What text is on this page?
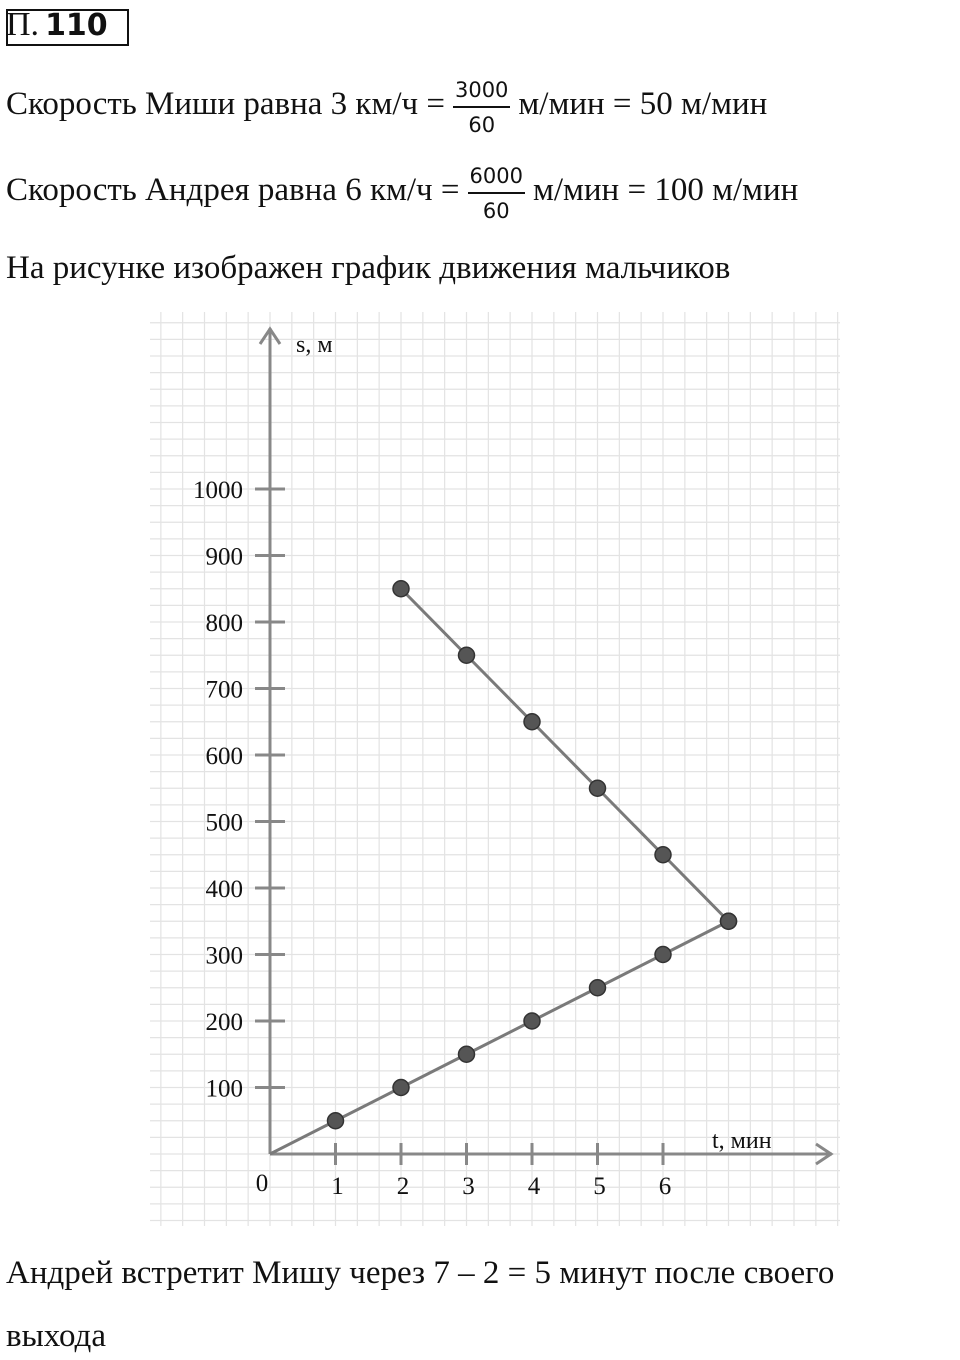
П. 110
Скорость Миши равна 3 $км/ч = \frac{3000}{60} м/мин = 50$ м/мин
Скорость Андрея равна 6 $км/ч = \frac{6000}{60} м/мин = 100$ м/мин
На рисунке изображен график движения мальчиков
t, мин
s, м
0	1 2 3 4 5 6
100
200
300
400
500
600
700
800
900
1000
Андрей встретит Мишу через 7 – 2 = 5 минут после своего
выхода
